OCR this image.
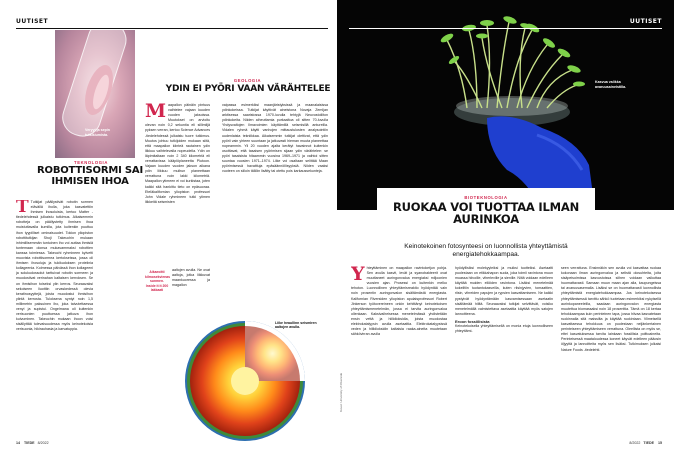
UUTISET
Veryyi ja sepin tutkikiumista.
TEKNOLOGIA
ROBOTTISORMI SAI IHMISEN IHOA
T Tutkijat päällystivät robotin sormen elävällä iholla, joka kasvatettiin ihmisen ihosoluista, kertoo Matter -tiedelehdessä julkaistu tutkimus. Aikaisemmin robotteja on päällystetty ihmisen ihoa muistuttavalla kumilla, jota kuitenkin puuttuu ihon tyypilliset ominaisuudet. Tokion yliopiston robottitutkijan Shoji Takeuchin mukaan inhimillisemmän tuntuinen iho voi auttaa ihmisiä tuntemaan olonsa mukavammaksi robottien kanssa toimiessa. Takeuchi ryhmineen kylvetti muovista robottisormea kertokseissa, jossa oli ihmisen ihosoluja ja tukikudoksen proteiinia kollageenia. Kolmessa päivässä ihon kollageeni ja solukudossolut tarttuivat robotin sormeen ja muodostivat verinahan kaltaisen kerroksen. Se on ihmisihon toiseksi ylin kerros. Seuraavaksi sekoiseen liuottiin orvaskedessä olevia keratinosyyttejä, joista muodostui ihmisihon ylintä kerrosta. Tuloksena syntyi noin 1,5 millimetrin paksuinen iho, joka taivutettaessa venyi ja supistui. Ongelmana oli kuitenkin verisuonien puuttuessa jatkuva ihon kuivuminen. Takeuchin mukaan ihoon voisi sisällyttää tulevaisuudessa myös keinotekoisia verisuonia, hikirauhasia ja karvatuppia.
GEOLOGIA
YDIN EI PYÖRI VAAN VÄRÄHTELEE
Maapallon päinäin pintuus vaihtelee vajaan kuuden vuoden jaksoissa. Muutokset on arvioitu olevan noin 0,2 sekuntia eli sillimiljä pyksen verran, kertoo Science Advances -tiedelehdessä julkaistu tuore tutkimus. Muutos johtuu tutkijoiden mukaan siitä, että maapallon kiinteä rautainen ydin liikkuu vaihtelevalla nopeudella. Ydin on läpimitaltaan noin 2 340 kilometriä eli verrattavissa kääpiöplaneetta Plutoon. Vajaan kuuden vuoden jakson aikana ydin liikkuu muihun planeettaan verrattuna noin lakki kilometriä. Maapallon ytimeen ei voi kurkistaa, joten kaikki sitä hankittu tieto on epäsuoraa. Eteläkalifornian yliopiston professori John Vidale ryhmineen tutki ytimen liikkeitä seismisten
aaltojen avulla. Ne ovat aaltoja, jotka liikkuvat maankuoressa ja magallon
vaipassa esimerkiksi maanjäristyksissä ja maanalaisissa ydinkokeissa. Tutkijat käyttivät aineistona Novaja Zemljan arktisessa saaristossa 1970-luvulla tehtyjä Neuvostoliiton ydinkokeita. Niiden aiheuttamia purkaaltoa oli sitten 70-luvulla Yhdysvaltojen Ilmavoimien käyttämillä seismisillä antureilla. Vidalen ryhmä käytti vanhojen mittaustulosten analysointiin uudenlaista tekniikkaa. Aikaisemmin tutkijat olettivat, että ydin pyörii vain yhteen suuntaan ja jatkuvasti hieman muuta planeettaa nopeammin. Yli 20 vuoden ajalta kerätyt havainnot kuitenkin osoittavat, että tasaisen pyörimisen sijaan ydin värähtelee: se pyöri tasaisista hitaammin vuosina 1969–1971 ja vaihtoi sitten suuntaa vuosien 1971–1974. Liike voi osaltaan selittää Maan pyörimisessä havaittuja epäsäännöllisyyksiä. Niiden vaaksi vuoteen on siiloin tällöin lisätty tai otettu pois karkaussekunteja.
Aikaeoitti kilmosekvienas sunmen. Inside it it 200 lakkaati
Liike heaullinn seismiren aaltojen avulla.
14 TIEDE 8/2022
Kasvua valikka avaruusaineistilla.
UUTISET
BIOTEKNOLOGIA
RUOKAA VOI TUOTTAA ILMAN AURINKOA
Keinotekoinen fotosynteesi on luonnollista yhteyttämistä energiatehokkaampaa.
Yhteyttäminen on maapallon ravintoketjun pohja. Sen avulla kasvit, levät ja syanobakteerit ovat muuttaneet auringonvaloa energiaksi miljoonien vuosien ajan. Prosessi on kuitenkin melko tehoton. Luonnollinen yhteyttämisreaktio hyödyntää vain noin prosentin auringonvalon sisältämästä energiasta. Kalifornian Riversiden yliopiston apulaisprofessori Robert Jinkerson työtovereineen onkin kehittänyt keinotekoisen yhteyttämismenetelmän, jossa ei tarvita auringonvaloa ollenkaan. Kaksivaiheisessa menetelmässä yhdistetään ensin vettä ja hiilidioksidia, joista muodostaa elektrokatalyysin avulla asetaattia. Elektrokatalyysissä veden ja hiilidioksidin kaltaisia raaka-aineita muutetaan sähkövirran avulla
hyödyllisiksi molekyyleiksi ja muiksi tuotteiksi. Asetaatti puolestaan on etikkahapon suola, joka toimii ravintona muun muassa hiivoille, viherleville ja sienille. Niitä voidaan edelleen käyttää muiden eliöiden ravintona. Lisäksi menetelmää kokeiltiin tuotantokasveilla, kuten riisinjyvien, tomaattien, riisin, vihreiden papujen ja rypsien kasvattamiseen. Ne kaikki pystyivät hyödyntämään kasvamisessaan asetaatin sisältämää hiiltä. Seuraavaksi tutkijat selvittävät, voisiko menetelmällä valmistettava asetaattia käyttää myös satojen lannoitteena.
Eroon fossiilisista
Keinotekoisella yhteyttämisellä on monia etuja luonnolliseen yhteyttämi-
seen verrattuna. Ensinnäkin sen avulla voi kasvattaa ruokaa kokonaan ilman auringonvaloa ja selistä olosuhteita, joita sisäpeisoimissa kasvustoissa siihen voidaan vaikuttaa huomattavasti. Samaan muun maan ajan alla, kaupungeissa tai avaruusasemalla. Lisäksi se on huomattavasti luonnollista yhteyttämistä energiatehokkaampaa. Jos keinotekoisessa yhteyttämisessä tarvittu sähkö tuotetaan esimerkiksi nykyisellä aurinkopaneeleilla, saadaan auringonvalon energiasta muutettua biomassaksi noin 18 prosenttia. Tämä on 18 kertaa tehokkaampaa kuin perinteinen tapa, jossa hiivaa kasvatetaan ruokinnalla sitä maissilta ja käyttää ruokintaan. Viimeisellä kasvattaessa tehokkuus on puolestaan neljänkertainen perinteiseen yhteyttämiseen verrattuna. Oleellista on myös se, ettei kasvatuksessa tarvita lainkaan fossiilisia polttoaineita. Perinteisessä maataloudessa koneet käyvät edelleen pääosin öljyyttä ja lannoitteita myös sen lisäksi. Tutkimuksen julkaisi Nature Foods -tiedelehti.
Kuvat: University of Riverside
8/2022 TIEDE 15
